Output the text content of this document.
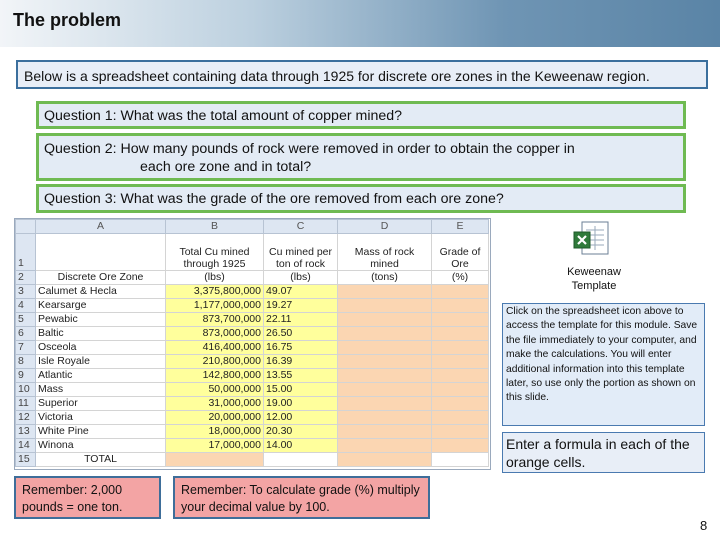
The problem
Below is a spreadsheet containing data through 1925 for discrete ore zones in the Keweenaw region.
Question 1: What was the total amount of copper mined?
Question 2: How many pounds of rock were removed in order to obtain the copper in
each ore zone and in total?
Question 3: What was the grade of the ore removed from each ore zone?
	A	B	C	D	E
1		Total Cu mined
through 1925	Cu mined per
ton of rock	Mass of rock
mined	Grade of
Ore
2	Discrete Ore Zone	(lbs)	(lbs)	(tons)	(%)
3	Calumet & Hecla	3,375,800,000	49.07		
4	Kearsarge	1,177,000,000	19.27		
5	Pewabic	873,700,000	22.11		
6	Baltic	873,000,000	26.50		
7	Osceola	416,400,000	16.75		
8	Isle Royale	210,800,000	16.39		
9	Atlantic	142,800,000	13.55		
10	Mass	50,000,000	15.00		
11	Superior	31,000,000	19.00		
12	Victoria	20,000,000	12.00		
13	White Pine	18,000,000	20.30		
14	Winona	17,000,000	14.00		
15	TOTAL				
Keweenaw
Template
Click on the spreadsheet icon above to access the template for this module. Save the file immediately to your computer, and make the calculations. You will enter additional information into this template later, so use only the portion as shown on this slide.
Enter a formula in each of the orange cells.
Remember: 2,000 pounds = one ton.
Remember: To calculate grade (%) multiply your decimal value by 100.
8
